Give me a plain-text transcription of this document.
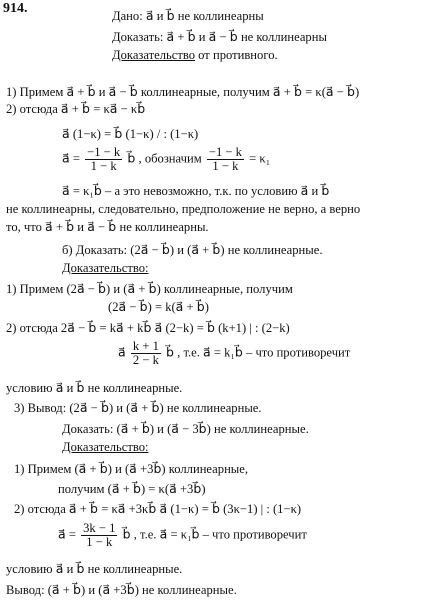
914.	Дано: a⃗ и b⃗ не коллинеарны
Доказать: a⃗ + b⃗ и a⃗ − b⃗ не коллинеарны
Доказательство от противного.
1) Примем a⃗ + b⃗ и a⃗ − b⃗ коллинеарные, получим a⃗ + b⃗ = κ(a⃗ − b⃗)
2) отсюда a⃗ + b⃗ = κa⃗ − κb⃗
a⃗ (1−κ) = b⃗ (1−κ) / : (1−κ)
a⃗ = $\frac{-1 - k}{1 - k}$ b⃗ , обозначим $\frac{-1 - k}{1 - k} = \kappa_1$
a⃗ = κ₁b⃗ – а это невозможно, т.к. по условию a⃗ и b⃗
не коллинеарны, следовательно, предположение не верно, а верно
то, что a⃗ + b⃗ и a⃗ − b⃗ не коллинеарны.
б) Доказать: (2a⃗ − b⃗) и (a⃗ + b⃗) не коллинеарные.
Доказательство:
1) Примем (2a⃗ − b⃗) и (a⃗ + b⃗) коллинеарные, получим
(2a⃗ − b⃗) = k(a⃗ + b⃗)
2) отсюда 2a⃗ − b⃗ = ka⃗ + kb⃗ a⃗ (2−k) = b⃗ (k+1) | : (2−k)
a⃗ $\frac{k + 1}{2 - k}$ b⃗ , т.е. a⃗ = k₁b⃗ – что противоречит
условию a⃗ и b⃗ не коллинеарные.
3) Вывод: (2a⃗ − b⃗) и (a⃗ + b⃗) не коллинеарные.
Доказать: (a⃗ + b⃗) и (a⃗ − 3b⃗) не коллинеарные.
Доказательство:
1) Примем (a⃗ + b⃗) и (a⃗ +3b⃗) коллинеарные,
получим (a⃗ + b⃗) = κ(a⃗ +3b⃗)
2) отсюда a⃗ + b⃗ = κa⃗ +3κb⃗ a⃗ (1−κ) = b⃗ (3κ−1) | : (1−κ)
a⃗ = $\frac{3k - 1}{1 - k}$ b⃗ , т.е. a⃗ = κ₁b⃗ – что противоречит
условию a⃗ и b⃗ не коллинеарные.
Вывод: (a⃗ + b⃗) и (a⃗ +3b⃗) не коллинеарные.
